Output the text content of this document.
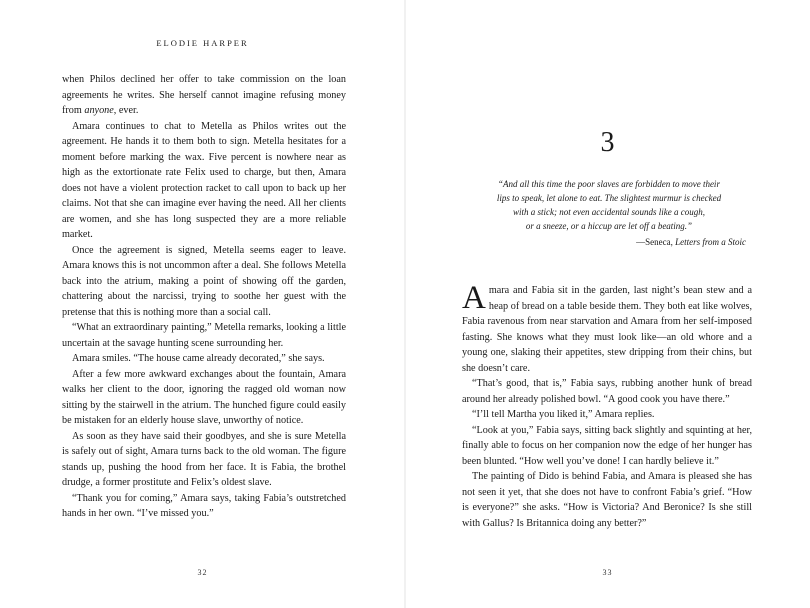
ELODIE HARPER

when Philos declined her offer to take commission on the loan agreements he writes. She herself cannot imagine refusing money from anyone, ever.

Amara continues to chat to Metella as Philos writes out the agreement. He hands it to them both to sign. Metella hesitates for a moment before marking the wax. Five percent is nowhere near as high as the extortionate rate Felix used to charge, but then, Amara does not have a violent protection racket to call upon to back up her claims. Not that she can imagine ever having the need. All her clients are women, and she has long suspected they are a more reliable market.

Once the agreement is signed, Metella seems eager to leave. Amara knows this is not uncommon after a deal. She follows Metella back into the atrium, making a point of showing off the garden, chattering about the narcissi, trying to soothe her guest with the pretense that this is nothing more than a social call.

“What an extraordinary painting,” Metella remarks, looking a little uncertain at the savage hunting scene surrounding her.

Amara smiles. “The house came already decorated,” she says.

After a few more awkward exchanges about the fountain, Amara walks her client to the door, ignoring the ragged old woman now sitting by the stairwell in the atrium. The hunched figure could easily be mistaken for an elderly house slave, unworthy of notice.

As soon as they have said their goodbyes, and she is sure Metella is safely out of sight, Amara turns back to the old woman. The figure stands up, pushing the hood from her face. It is Fabia, the brothel drudge, a former prostitute and Felix’s oldest slave.

“Thank you for coming,” Amara says, taking Fabia’s outstretched hands in her own. “I’ve missed you.”

32
3
“And all this time the poor slaves are forbidden to move their
lips to speak, let alone to eat. The slightest murmur is checked
with a stick; not even accidental sounds like a cough,
or a sneeze, or a hiccup are let off a beating.”
—Seneca, Letters from a Stoic

Amara and Fabia sit in the garden, last night’s bean stew and a heap of bread on a table beside them. They both eat like wolves, Fabia ravenous from near starvation and Amara from her self-imposed fasting. She knows what they must look like—an old whore and a young one, slaking their appetites, stew dripping from their chins, but she doesn’t care.

“That’s good, that is,” Fabia says, rubbing another hunk of bread around her already polished bowl. “A good cook you have there.”

“I’ll tell Martha you liked it,” Amara replies.

“Look at you,” Fabia says, sitting back slightly and squinting at her, finally able to focus on her companion now the edge of her hunger has been blunted. “How well you’ve done! I can hardly believe it.”

The painting of Dido is behind Fabia, and Amara is pleased she has not seen it yet, that she does not have to confront Fabia’s grief. “How is everyone?” she asks. “How is Victoria? And Beronice? Is she still with Gallus? Is Britannica doing any better?”

33
